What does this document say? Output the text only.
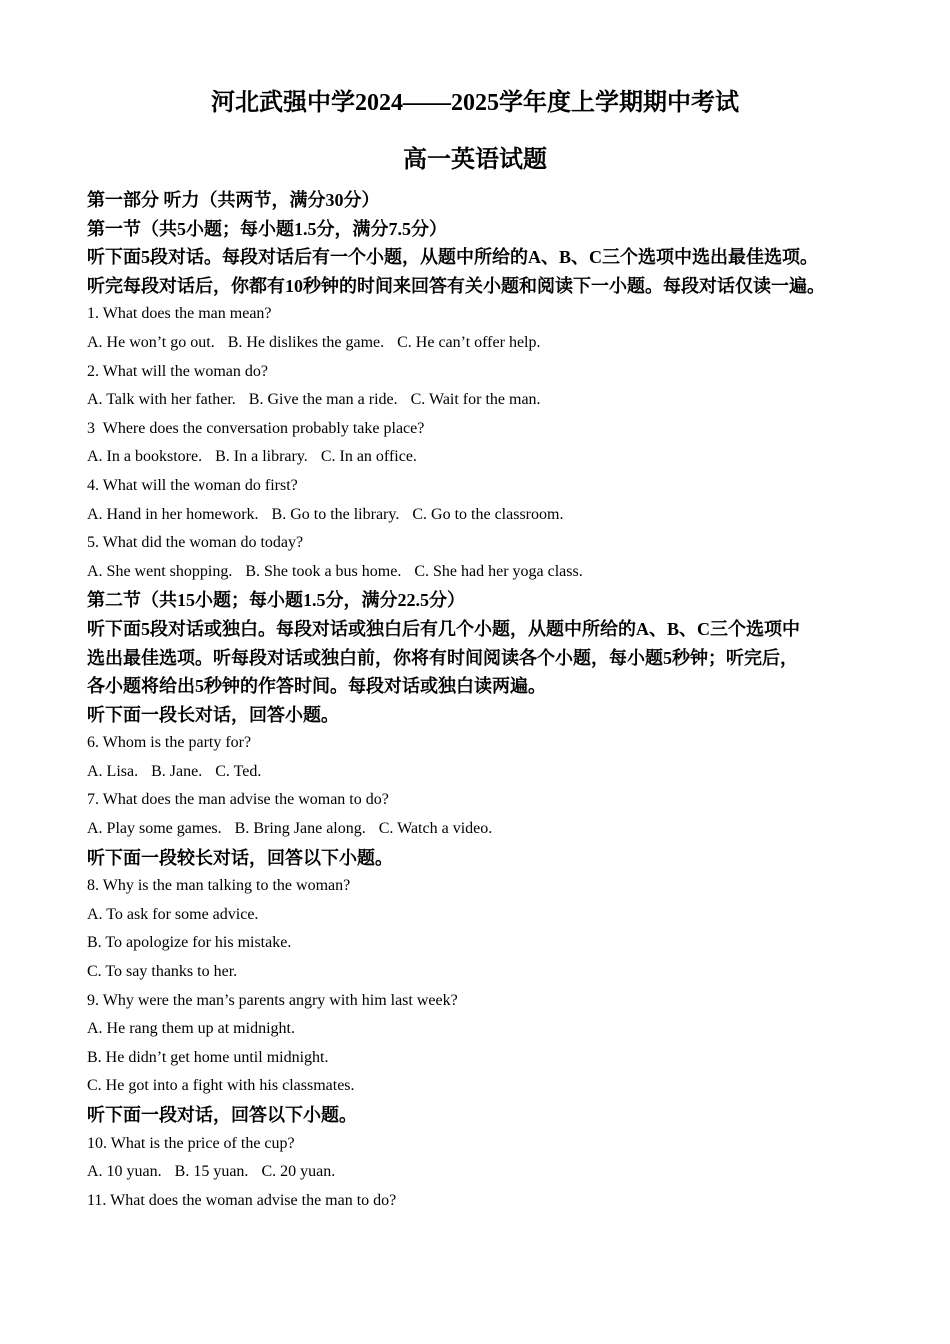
河北武强中学2024——2025学年度上学期期中考试
高一英语试题
第一部分 听力（共两节，满分30分）
第一节（共5小题；每小题1.5分，满分7.5分）
听下面5段对话。每段对话后有一个小题，从题中所给的A、B、C三个选项中选出最佳选项。
听完每段对话后，你都有10秒钟的时间来回答有关小题和阅读下一小题。每段对话仅读一遍。
1. What does the man mean?
A. He won’t go out. B. He dislikes the game. C. He can’t offer help.
2. What will the woman do?
A. Talk with her father. B. Give the man a ride. C. Wait for the man.
3  Where does the conversation probably take place?
A. In a bookstore. B. In a library. C. In an office.
4. What will the woman do first?
A. Hand in her homework. B. Go to the library. C. Go to the classroom.
5. What did the woman do today?
A. She went shopping. B. She took a bus home. C. She had her yoga class.
第二节（共15小题；每小题1.5分，满分22.5分）
听下面5段对话或独白。每段对话或独白后有几个小题，从题中所给的A、B、C三个选项中
选出最佳选项。听每段对话或独白前，你将有时间阅读各个小题，每小题5秒钟；听完后，
各小题将给出5秒钟的作答时间。每段对话或独白读两遍。
听下面一段长对话，回答小题。
6. Whom is the party for?
A. Lisa. B. Jane. C. Ted.
7. What does the man advise the woman to do?
A. Play some games. B. Bring Jane along. C. Watch a video.
听下面一段较长对话，回答以下小题。
8. Why is the man talking to the woman?
A. To ask for some advice.
B. To apologize for his mistake.
C. To say thanks to her.
9. Why were the man’s parents angry with him last week?
A. He rang them up at midnight.
B. He didn’t get home until midnight.
C. He got into a fight with his classmates.
听下面一段对话，回答以下小题。
10. What is the price of the cup?
A. 10 yuan. B. 15 yuan. C. 20 yuan.
11. What does the woman advise the man to do?
